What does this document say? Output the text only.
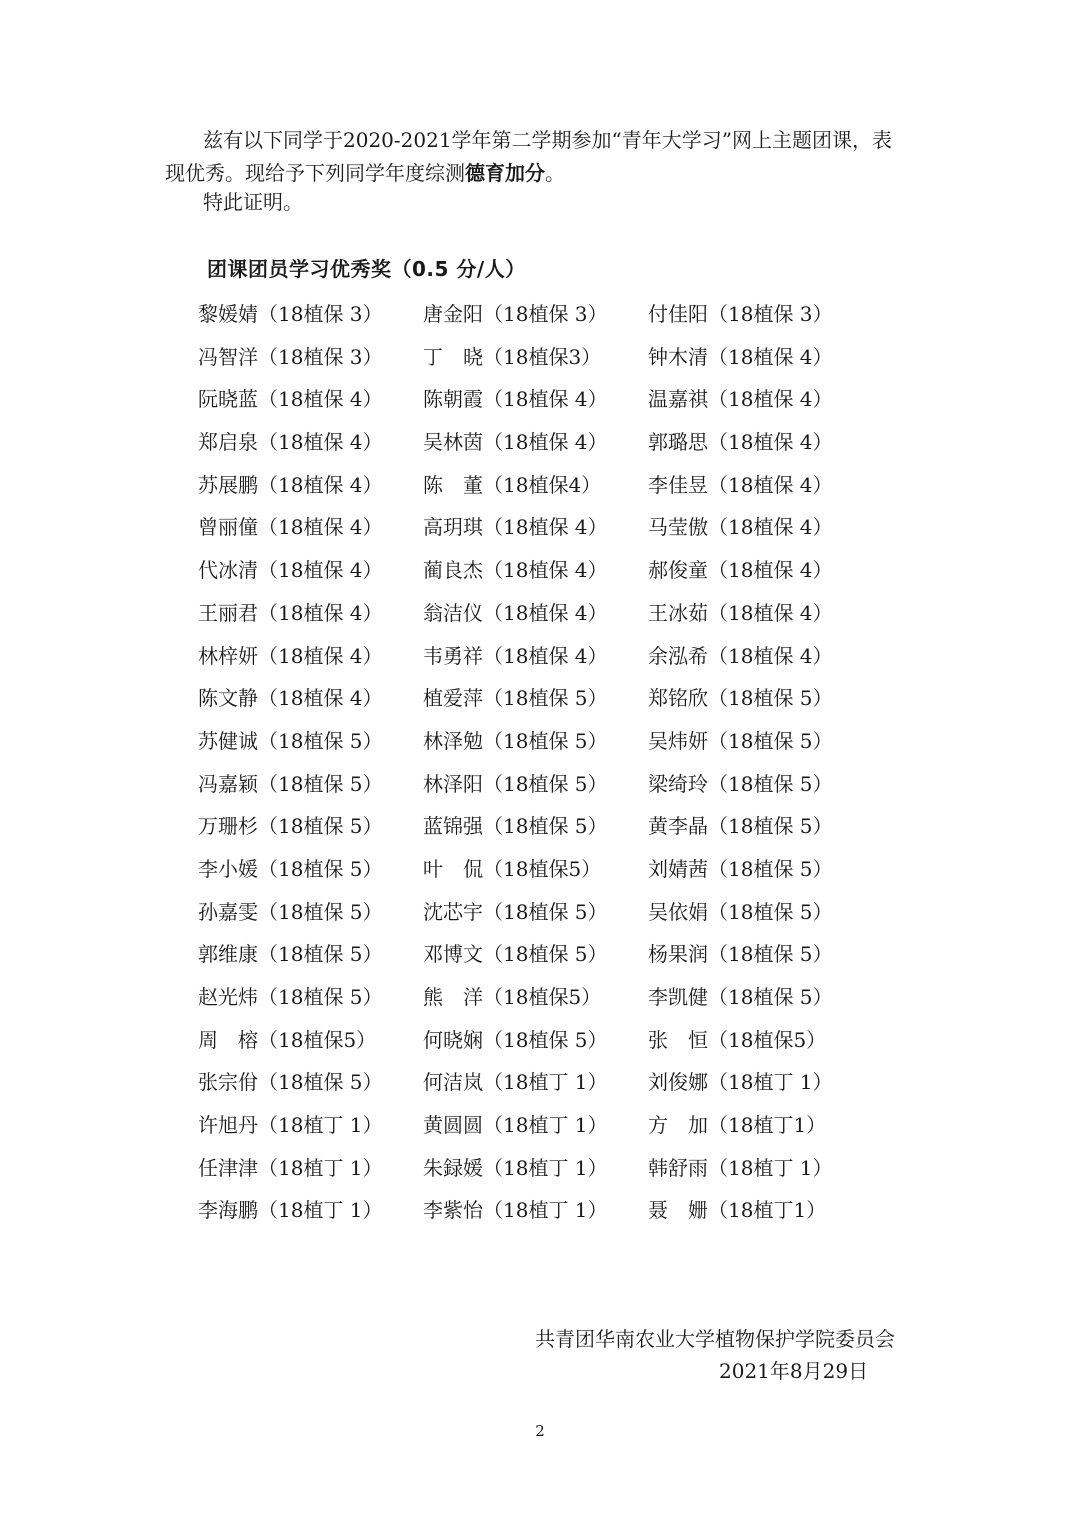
兹有以下同学于2020-2021学年第二学期参加“青年大学习”网上主题团课，表
现优秀。现给予下列同学年度综测德育加分。

特此证明。
团课团员学习优秀奖（0.5 分/人）
黎媛婧（18植保 3） 唐金阳（18植保 3） 付佳阳（18植保 3）
冯智洋（18植保 3） 丁　晓（18植保3） 钟木清（18植保 4）
阮晓蓝（18植保 4） 陈朝霞（18植保 4） 温嘉祺（18植保 4）
郑启泉（18植保 4） 吴林茵（18植保 4） 郭璐思（18植保 4）
苏展鹏（18植保 4） 陈　董（18植保4） 李佳昱（18植保 4）
曾丽僮（18植保 4） 高玥琪（18植保 4） 马莹傲（18植保 4）
代冰清（18植保 4） 蔺良杰（18植保 4） 郝俊童（18植保 4）
王丽君（18植保 4） 翁洁仪（18植保 4） 王冰茹（18植保 4）
林梓妍（18植保 4） 韦勇祥（18植保 4） 余泓希（18植保 4）
陈文静（18植保 4） 植爱萍（18植保 5） 郑铭欣（18植保 5）
苏健诚（18植保 5） 林泽勉（18植保 5） 吴炜妍（18植保 5）
冯嘉颖（18植保 5） 林泽阳（18植保 5） 梁绮玲（18植保 5）
万珊杉（18植保 5） 蓝锦强（18植保 5） 黄李晶（18植保 5）
李小媛（18植保 5） 叶　侃（18植保5） 刘婧茜（18植保 5）
孙嘉雯（18植保 5） 沈芯宇（18植保 5） 吴依娟（18植保 5）
郭维康（18植保 5） 邓博文（18植保 5） 杨果润（18植保 5）
赵光炜（18植保 5） 熊　洋（18植保5） 李凯健（18植保 5）
周　榕（18植保5） 何晓娴（18植保 5） 张　恒（18植保5）
张宗佾（18植保 5） 何洁岚（18植丁 1） 刘俊娜（18植丁 1）
许旭丹（18植丁 1） 黄圆圆（18植丁 1） 方　加（18植丁1）
任津津（18植丁 1） 朱録媛（18植丁 1） 韩舒雨（18植丁 1）
李海鹏（18植丁 1） 李紫怡（18植丁 1） 聂　姗（18植丁1）
共青团华南农业大学植物保护学院委员会
2021年8月29日
2
